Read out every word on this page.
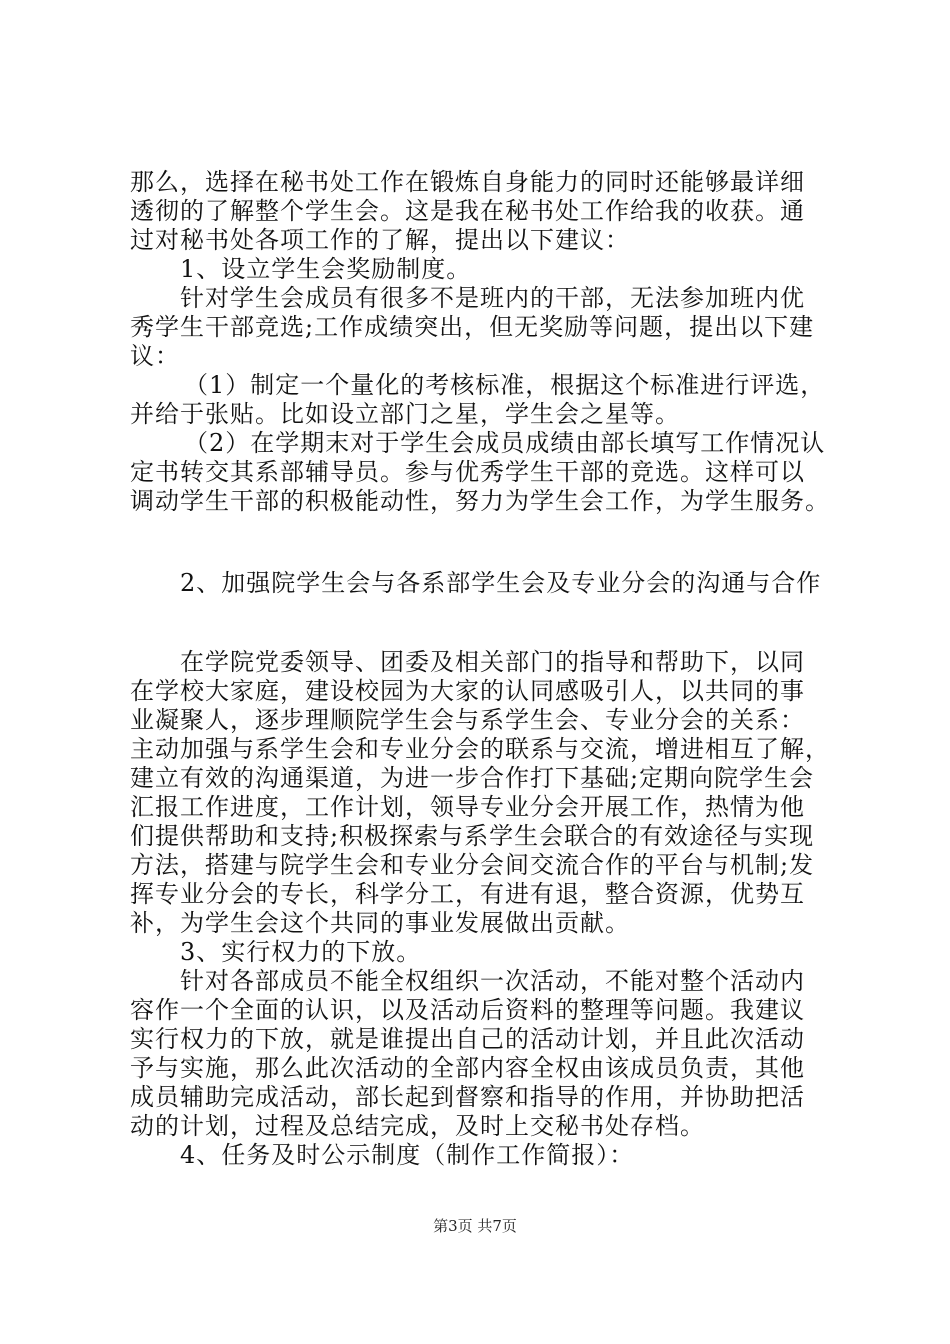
那么，选择在秘书处工作在锻炼自身能力的同时还能够最详细
透彻的了解整个学生会。这是我在秘书处工作给我的收获。通
过对秘书处各项工作的了解，提出以下建议：
1、设立学生会奖励制度。
针对学生会成员有很多不是班内的干部，无法参加班内优
秀学生干部竞选;工作成绩突出，但无奖励等问题，提出以下建
议：
（1）制定一个量化的考核标准，根据这个标准进行评选，
并给于张贴。比如设立部门之星，学生会之星等。
（2）在学期末对于学生会成员成绩由部长填写工作情况认
定书转交其系部辅导员。参与优秀学生干部的竞选。这样可以
调动学生干部的积极能动性，努力为学生会工作，为学生服务。
2、加强院学生会与各系部学生会及专业分会的沟通与合作
在学院党委领导、团委及相关部门的指导和帮助下，以同
在学校大家庭，建设校园为大家的认同感吸引人，以共同的事
业凝聚人，逐步理顺院学生会与系学生会、专业分会的关系：
主动加强与系学生会和专业分会的联系与交流，增进相互了解，
建立有效的沟通渠道，为进一步合作打下基础;定期向院学生会
汇报工作进度，工作计划，领导专业分会开展工作，热情为他
们提供帮助和支持;积极探索与系学生会联合的有效途径与实现
方法，搭建与院学生会和专业分会间交流合作的平台与机制;发
挥专业分会的专长，科学分工，有进有退，整合资源，优势互
补，为学生会这个共同的事业发展做出贡献。
3、实行权力的下放。
针对各部成员不能全权组织一次活动，不能对整个活动内
容作一个全面的认识，以及活动后资料的整理等问题。我建议
实行权力的下放，就是谁提出自己的活动计划，并且此次活动
予与实施，那么此次活动的全部内容全权由该成员负责，其他
成员辅助完成活动，部长起到督察和指导的作用，并协助把活
动的计划，过程及总结完成，及时上交秘书处存档。
4、任务及时公示制度（制作工作简报）：
第3页 共7页
